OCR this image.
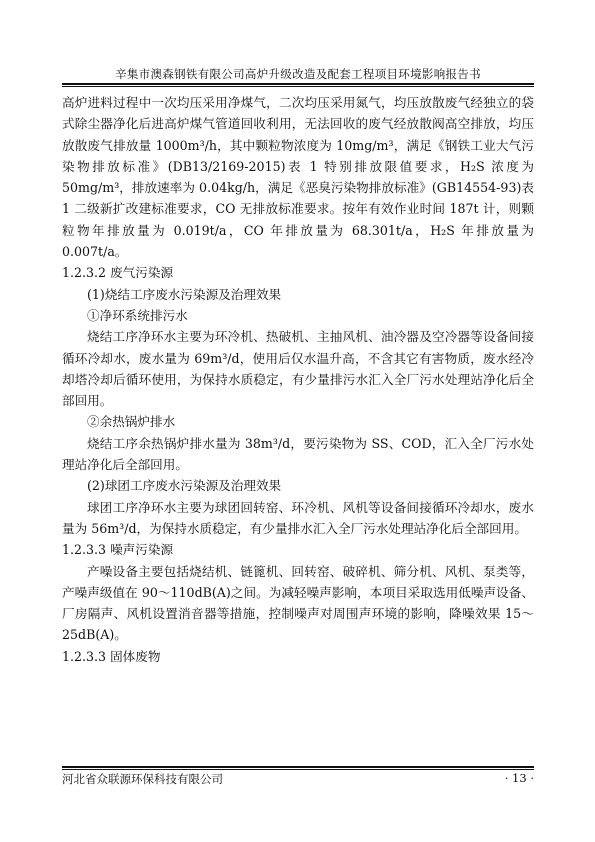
辛集市澳森钢铁有限公司高炉升级改造及配套工程项目环境影响报告书

高炉进料过程中一次均压采用净煤气，二次均压采用氮气，均压放散废气经独立的袋式除尘器净化后进高炉煤气管道回收利用，无法回收的废气经放散阀高空排放，均压放散废气排放量 1000m³/h，其中颗粒物浓度为 10mg/m³，满足《钢铁工业大气污染物排放标准》(DB13/2169-2015)表 1 特别排放限值要求，H₂S 浓度为 50mg/m³，排放速率为 0.04kg/h，满足《恶臭污染物排放标准》(GB14554-93)表 1 二级新扩改建标准要求，CO 无排放标准要求。按年有效作业时间 187t 计，则颗粒物年排放量为 0.019t/a，CO 年排放量为 68.301t/a，H₂S 年排放量为 0.007t/a。

1.2.3.2 废气污染源

(1)烧结工序废水污染源及治理效果

①净环系统排污水

烧结工序净环水主要为环冷机、热破机、主抽风机、油冷器及空冷器等设备间接循环冷却水，废水量为 69m³/d，使用后仅水温升高，不含其它有害物质，废水经冷却塔冷却后循环使用，为保持水质稳定，有少量排污水汇入全厂污水处理站净化后全部回用。

②余热锅炉排水

烧结工序余热锅炉排水量为 38m³/d，要污染物为 SS、COD，汇入全厂污水处理站净化后全部回用。

(2)球团工序废水污染源及治理效果

球团工序净环水主要为球团回转窑、环冷机、风机等设备间接循环冷却水，废水量为 56m³/d，为保持水质稳定，有少量排水汇入全厂污水处理站净化后全部回用。

1.2.3.3 噪声污染源

产噪设备主要包括烧结机、链篦机、回转窑、破碎机、筛分机、风机、泵类等，产噪声级值在 90～110dB(A)之间。为减轻噪声影响，本项目采取选用低噪声设备、厂房隔声、风机设置消音器等措施，控制噪声对周围声环境的影响，降噪效果 15～25dB(A)。

1.2.3.3 固体废物

河北省众联源环保科技有限公司	· 13 ·
